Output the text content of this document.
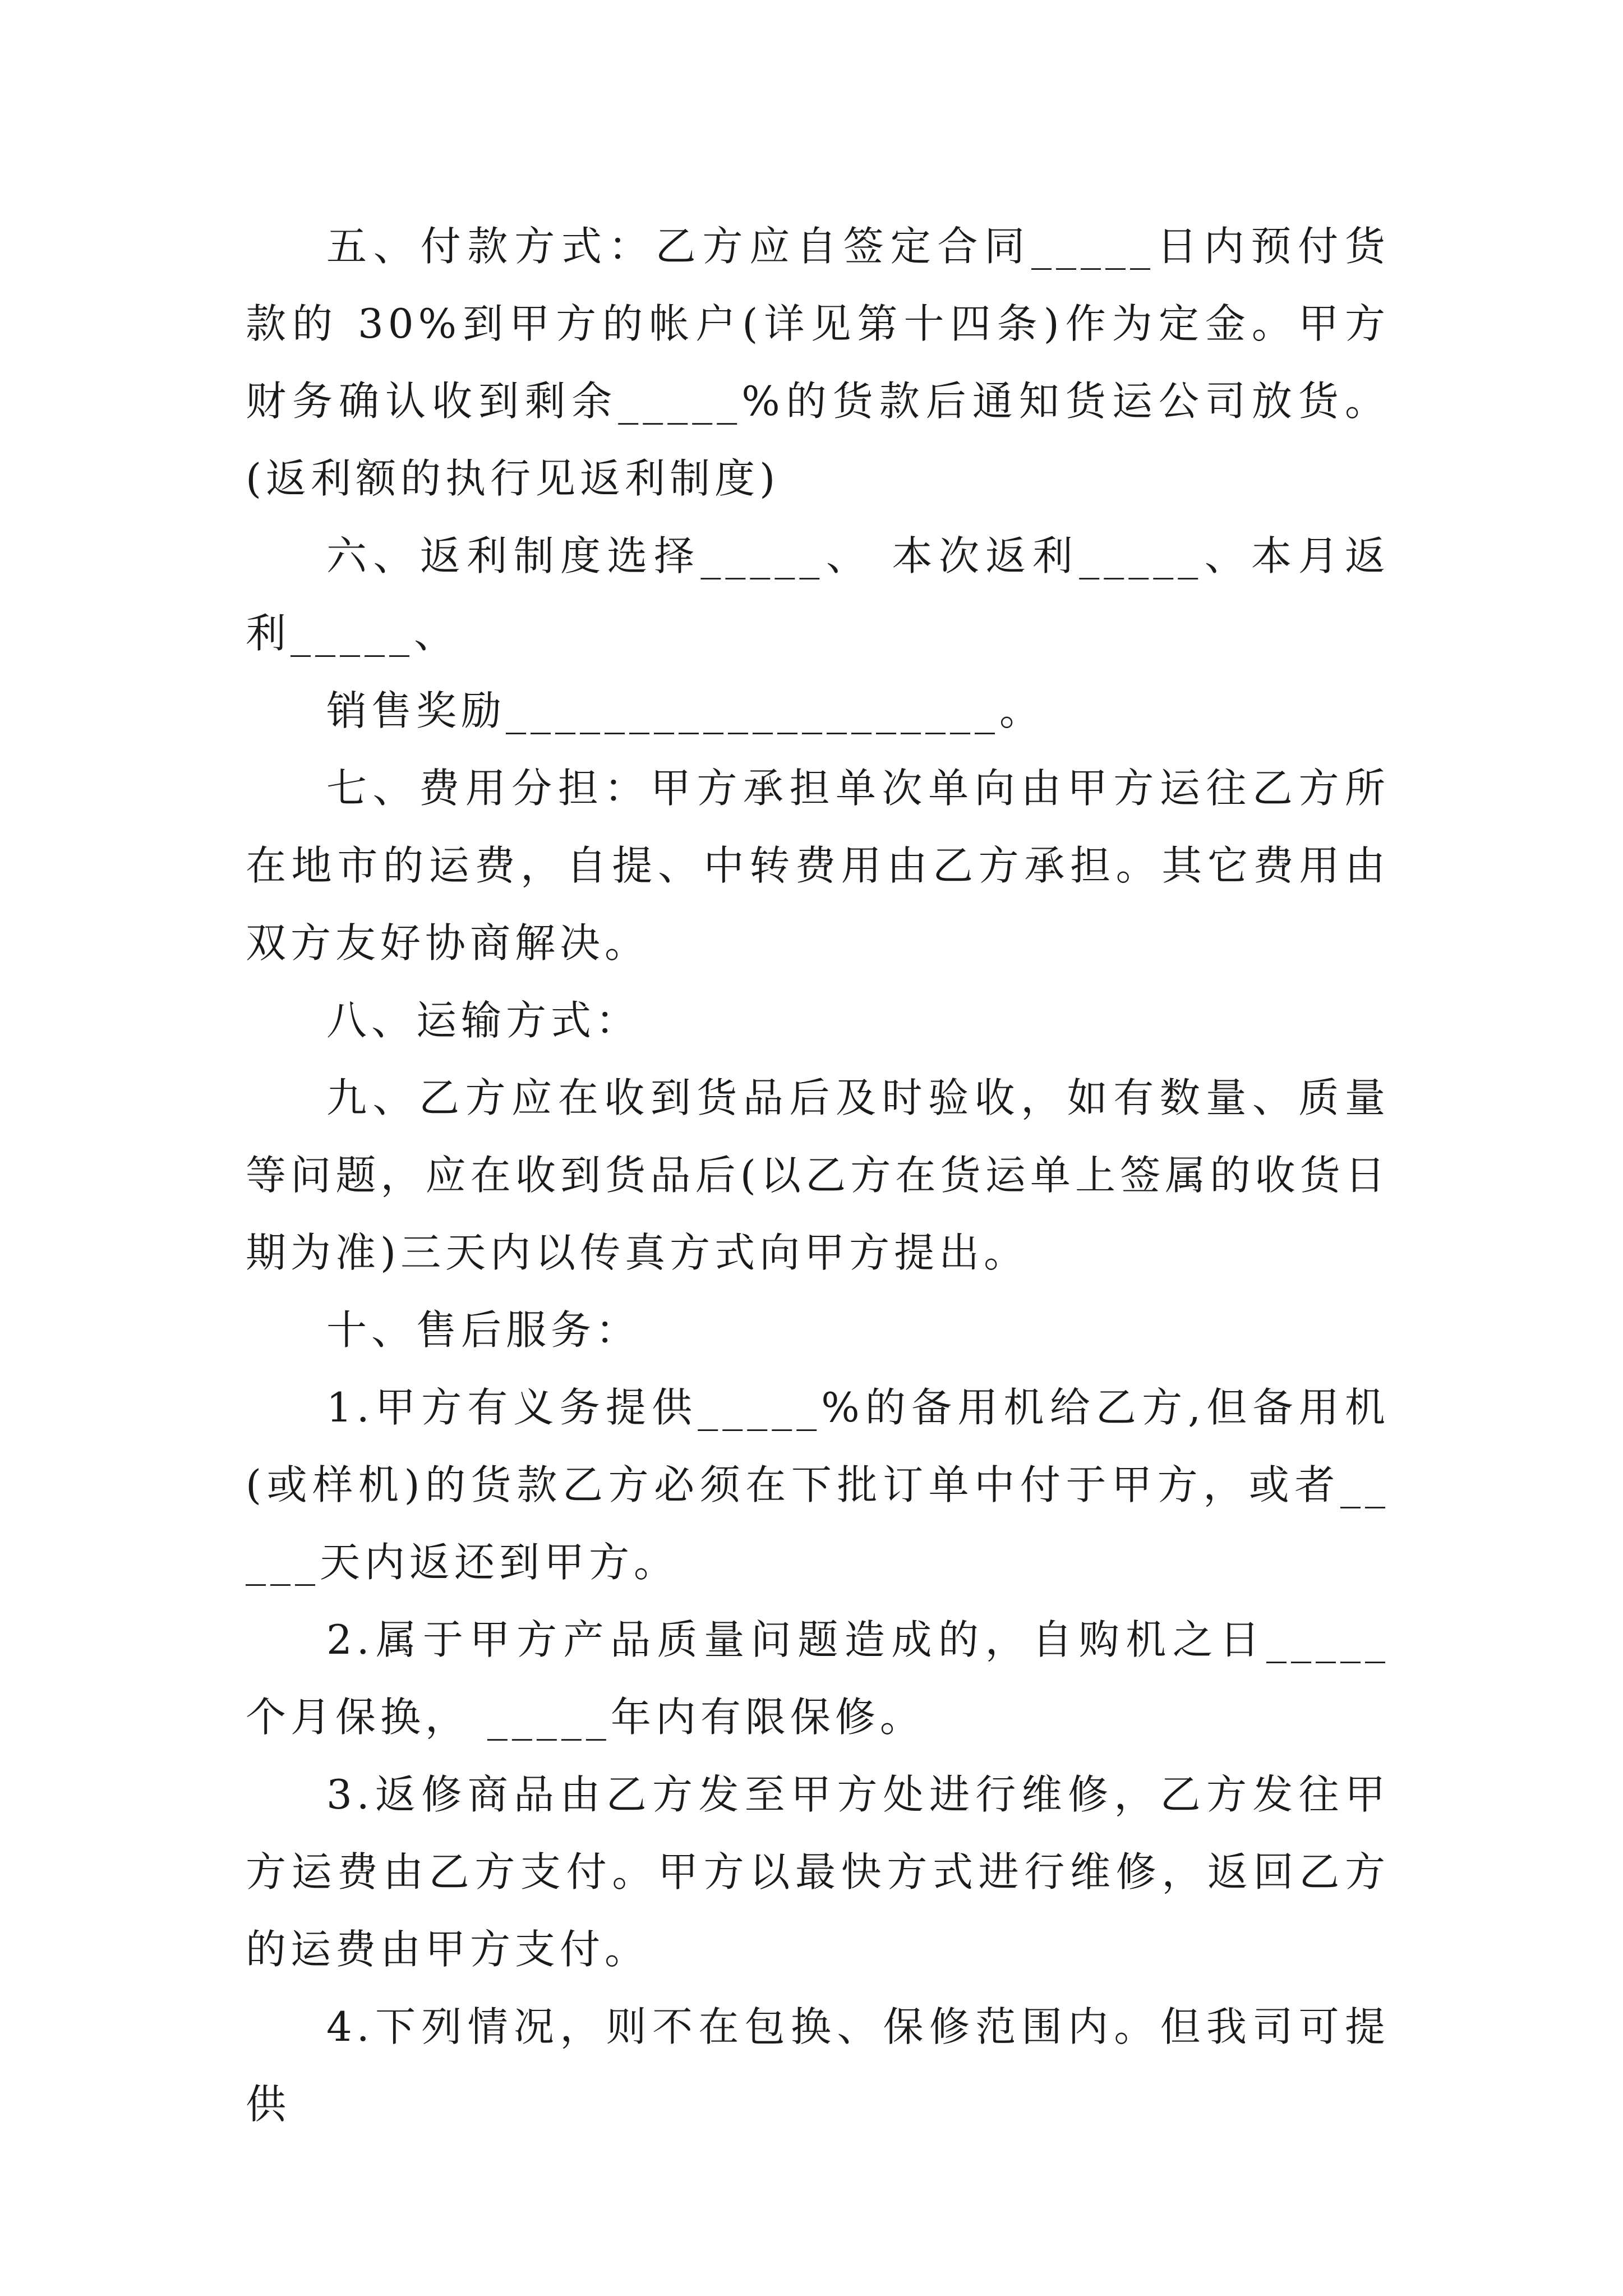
五、付款方式：乙方应自签定合同_____日内预付货款的 30%到甲方的帐户(详见第十四条)作为定金。甲方财务确认收到剩余_____%的货款后通知货运公司放货。(返利额的执行见返利制度)

六、返利制度选择_____、 本次返利_____、本月返利_____、

销售奖励____________________。

七、费用分担：甲方承担单次单向由甲方运往乙方所在地市的运费，自提、中转费用由乙方承担。其它费用由双方友好协商解决。

八、运输方式：

九、乙方应在收到货品后及时验收，如有数量、质量等问题，应在收到货品后(以乙方在货运单上签属的收货日期为准)三天内以传真方式向甲方提出。

十、售后服务：

1.甲方有义务提供_____%的备用机给乙方,但备用机(或样机)的货款乙方必须在下批订单中付于甲方，或者_____天内返还到甲方。

2.属于甲方产品质量问题造成的，自购机之日_____个月保换， _____年内有限保修。

3.返修商品由乙方发至甲方处进行维修，乙方发往甲方运费由乙方支付。甲方以最快方式进行维修，返回乙方的运费由甲方支付。

4.下列情况，则不在包换、保修范围内。但我司可提供
